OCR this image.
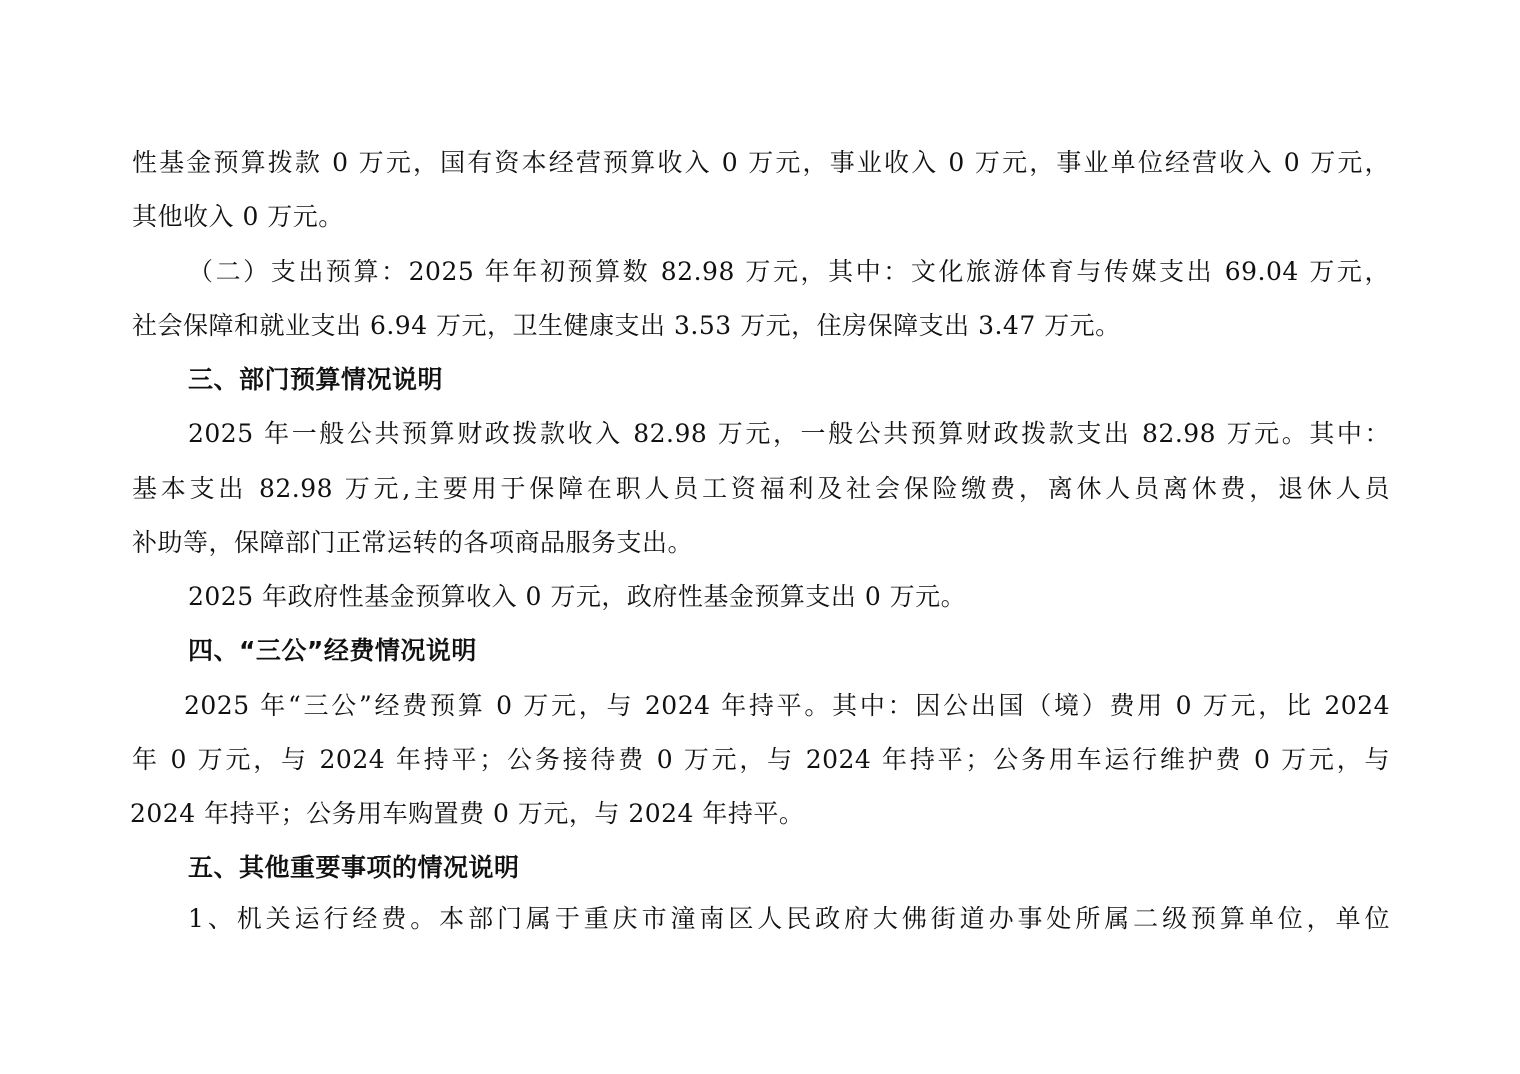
性基金预算拨款 0 万元，国有资本经营预算收入 0 万元，事业收入 0 万元，事业单位经营收入 0 万元，
其他收入 0 万元。
（二）支出预算：2025 年年初预算数 82.98 万元，其中：文化旅游体育与传媒支出 69.04 万元，
社会保障和就业支出 6.94 万元，卫生健康支出 3.53 万元，住房保障支出 3.47 万元。
三、部门预算情况说明
2025 年一般公共预算财政拨款收入 82.98 万元，一般公共预算财政拨款支出 82.98 万元。其中：
基本支出 82.98 万元,主要用于保障在职人员工资福利及社会保险缴费，离休人员离休费，退休人员
补助等，保障部门正常运转的各项商品服务支出。
2025 年政府性基金预算收入 0 万元，政府性基金预算支出 0 万元。
四、“三公”经费情况说明
2025 年“三公”经费预算 0 万元，与 2024 年持平。其中：因公出国（境）费用 0 万元，比 2024
年 0 万元，与 2024 年持平；公务接待费 0 万元，与 2024 年持平；公务用车运行维护费 0 万元，与
2024 年持平；公务用车购置费 0 万元，与 2024 年持平。
五、其他重要事项的情况说明
1、机关运行经费。本部门属于重庆市潼南区人民政府大佛街道办事处所属二级预算单位，单位
